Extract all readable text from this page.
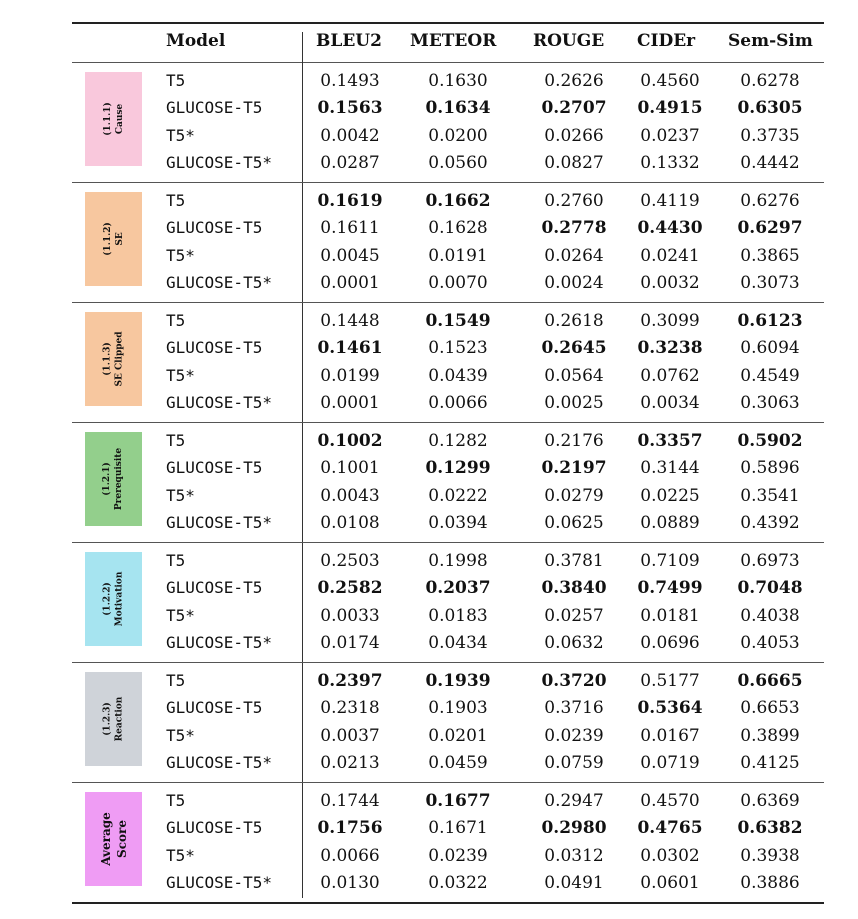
Model	BLEU2 METEOR ROUGE CIDEr Sem-Sim
(1.1.1) Cause
T5	0.1493	0.1630	0.2626 0.4560 0.6278
GLUCOSE-T5	0.1563	0.1634	0.2707 0.4915 0.6305
T5*	0.0042	0.0200	0.0266 0.0237 0.3735
GLUCOSE-T5*	0.0287	0.0560	0.0827 0.1332 0.4442
(1.1.2) SE
T5	0.1619	0.1662	0.2760 0.4119 0.6276
GLUCOSE-T5	0.1611	0.1628	0.2778 0.4430 0.6297
T5*	0.0045	0.0191	0.0264 0.0241 0.3865
GLUCOSE-T5*	0.0001	0.0070	0.0024 0.0032 0.3073
(1.1.3) SE Clipped
T5	0.1448	0.1549	0.2618 0.3099 0.6123
GLUCOSE-T5	0.1461	0.1523	0.2645 0.3238 0.6094
T5*	0.0199	0.0439	0.0564 0.0762 0.4549
GLUCOSE-T5*	0.0001	0.0066	0.0025 0.0034 0.3063
(1.2.1) Prerequisite
T5	0.1002	0.1282	0.2176 0.3357 0.5902
GLUCOSE-T5	0.1001	0.1299	0.2197 0.3144 0.5896
T5*	0.0043	0.0222	0.0279 0.0225 0.3541
GLUCOSE-T5*	0.0108	0.0394	0.0625 0.0889 0.4392
(1.2.2) Motivation
T5	0.2503	0.1998	0.3781 0.7109 0.6973
GLUCOSE-T5	0.2582	0.2037	0.3840 0.7499 0.7048
T5*	0.0033	0.0183	0.0257 0.0181 0.4038
GLUCOSE-T5*	0.0174	0.0434	0.0632 0.0696 0.4053
(1.2.3) Reaction
T5	0.2397	0.1939	0.3720 0.5177 0.6665
GLUCOSE-T5	0.2318	0.1903	0.3716 0.5364 0.6653
T5*	0.0037	0.0201	0.0239 0.0167 0.3899
GLUCOSE-T5*	0.0213	0.0459	0.0759 0.0719 0.4125
Average Score
T5	0.1744	0.1677	0.2947 0.4570 0.6369
GLUCOSE-T5	0.1756	0.1671	0.2980 0.4765 0.6382
T5*	0.0066	0.0239	0.0312 0.0302 0.3938
GLUCOSE-T5*	0.0130	0.0322	0.0491 0.0601 0.3886
